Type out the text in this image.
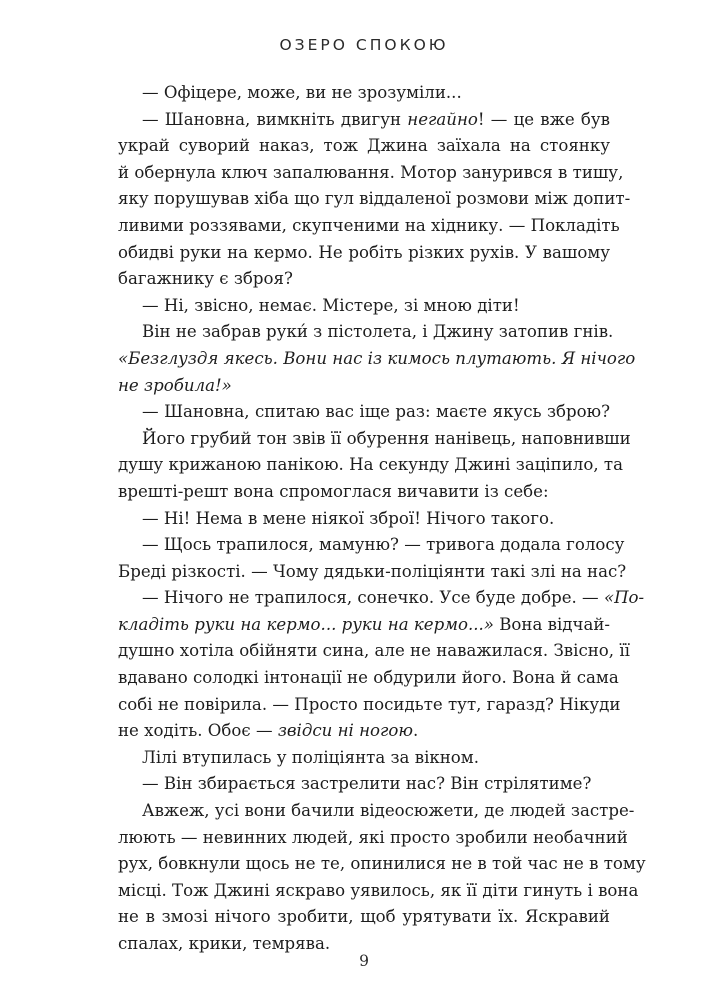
ОЗЕРО СПОКОЮ
— Офіцере, може, ви не зрозуміли...
— Шановна, вимкніть двигун негайно! — це вже був
украй суворий наказ, тож Джина заїхала на стоянку
й обернула ключ запалювання. Мотор занурився в тишу,
яку порушував хіба що гул віддаленої розмови між допит-
ливими роззявами, скупченими на хіднику. — Покладіть
обидві руки на кермо. Не робіть різких рухів. У вашому
багажнику є зброя?
— Ні, звісно, немає. Містере, зі мною діти!
Він не забрав руки́ з пістолета, і Джину затопив гнів.
«Безглуздя якесь. Вони нас із кимось плутають. Я нічого
не зробила!»
— Шановна, спитаю вас іще раз: маєте якусь зброю?
Його грубий тон звів її обурення нанівець, наповнивши
душу крижаною панікою. На секунду Джині заціпило, та
врешті-решт вона спромоглася вичавити із себе:
— Ні! Нема в мене ніякої зброї! Нічого такого.
— Щось трапилося, мамуню? — тривога додала голосу
Бреді різкості. — Чому дядьки-поліціянти такі злі на нас?
— Нічого не трапилося, сонечко. Усе буде добре. — «По-
кладіть руки на кермо... руки на кермо...» Вона відчай-
душно хотіла обійняти сина, але не наважилася. Звісно, її
вдавано солодкі інтонації не обдурили його. Вона й сама
собі не повірила. — Просто посидьте тут, гаразд? Нікуди
не ходіть. Обоє — звідси ні ногою.
Лілі втупилась у поліціянта за вікном.
— Він збирається застрелити нас? Він стрілятиме?
Авжеж, усі вони бачили відеосюжети, де людей застре-
люють — невинних людей, які просто зробили необачний
рух, бовкнули щось не те, опинилися не в той час не в тому
місці. Тож Джині яскраво уявилось, як її діти гинуть і вона
не в змозі нічого зробити, щоб урятувати їх. Яскравий
спалах, крики, темрява.
9
